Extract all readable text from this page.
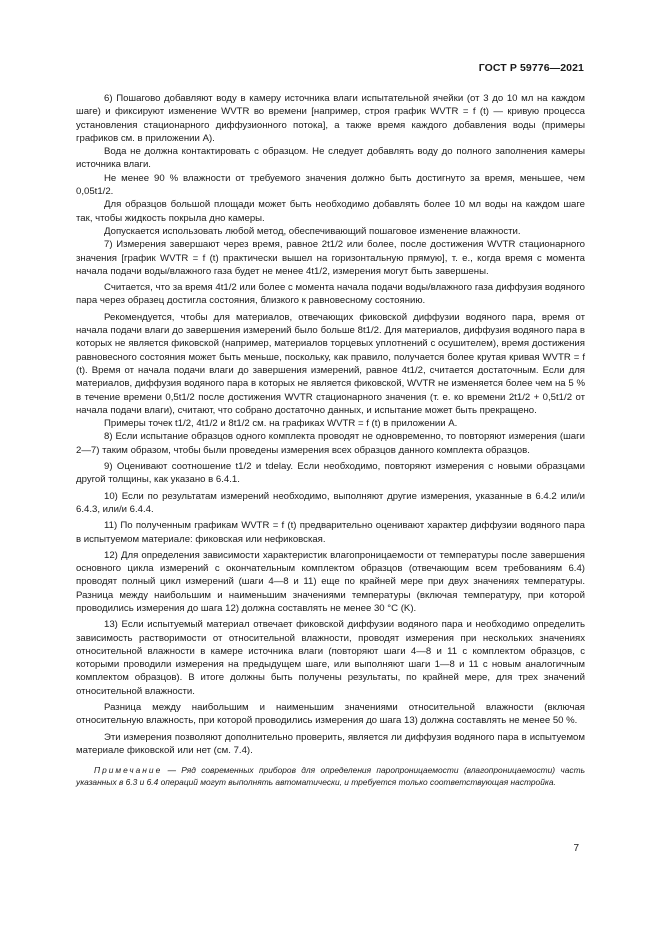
ГОСТ Р 59776—2021

6) Пошагово добавляют воду в камеру источника влаги испытательной ячейки (от 3 до 10 мл на каждом шаге) и фиксируют изменение WVTR во времени [например, строя график WVTR = f (t) — кривую процесса установления стационарного диффузионного потока], а также время каждого добавления воды (примеры графиков см. в приложении А).

Вода не должна контактировать с образцом. Не следует добавлять воду до полного заполнения камеры источника влаги.

Не менее 90 % влажности от требуемого значения должно быть достигнуто за время, меньшее, чем 0,05t1/2.

Для образцов большой площади может быть необходимо добавлять более 10 мл воды на каждом шаге так, чтобы жидкость покрыла дно камеры.

Допускается использовать любой метод, обеспечивающий пошаговое изменение влажности.

7) Измерения завершают через время, равное 2t1/2 или более, после достижения WVTR стационарного значения [график WVTR = f (t) практически вышел на горизонтальную прямую], т. е., когда время с момента начала подачи воды/влажного газа будет не менее 4t1/2, измерения могут быть завершены.

Считается, что за время 4t1/2 или более с момента начала подачи воды/влажного газа диффузия водяного пара через образец достигла состояния, близкого к равновесному состоянию.

Рекомендуется, чтобы для материалов, отвечающих фиковской диффузии водяного пара, время от начала подачи влаги до завершения измерений было больше 8t1/2. Для материалов, диффузия водяного пара в которых не является фиковской (например, материалов торцевых уплотнений с осушителем), время достижения равновесного состояния может быть меньше, поскольку, как правило, получается более крутая кривая WVTR = f (t). Время от начала подачи влаги до завершения измерений, равное 4t1/2, считается достаточным. Если для материалов, диффузия водяного пара в которых не является фиковской, WVTR не изменяется более чем на 5 % в течение времени 0,5t1/2 после достижения WVTR стационарного значения (т. е. ко времени 2t1/2 + 0,5t1/2 от начала подачи влаги), считают, что собрано достаточно данных, и испытание может быть прекращено.

Примеры точек t1/2, 4t1/2 и 8t1/2 см. на графиках WVTR = f (t) в приложении А.

8) Если испытание образцов одного комплекта проводят не одновременно, то повторяют измерения (шаги 2—7) таким образом, чтобы были проведены измерения всех образцов данного комплекта образцов.

9) Оценивают соотношение t1/2 и tdelay. Если необходимо, повторяют измерения с новыми образцами другой толщины, как указано в 6.4.1.

10) Если по результатам измерений необходимо, выполняют другие измерения, указанные в 6.4.2 или/и 6.4.3, или/и 6.4.4.

11) По полученным графикам WVTR = f (t) предварительно оценивают характер диффузии водяного пара в испытуемом материале: фиковская или нефиковская.

12) Для определения зависимости характеристик влагопроницаемости от температуры после завершения основного цикла измерений с окончательным комплектом образцов (отвечающим всем требованиям 6.4) проводят полный цикл измерений (шаги 4—8 и 11) еще по крайней мере при двух значениях температуры. Разница между наибольшим и наименьшим значениями температуры (включая температуру, при которой проводились измерения до шага 12) должна составлять не менее 30 °С (K).

13) Если испытуемый материал отвечает фиковской диффузии водяного пара и необходимо определить зависимость растворимости от относительной влажности, проводят измерения при нескольких значениях относительной влажности в камере источника влаги (повторяют шаги 4—8 и 11 с комплектом образцов, с которыми проводили измерения на предыдущем шаге, или выполняют шаги 1—8 и 11 с новым аналогичным комплектом образцов). В итоге должны быть получены результаты, по крайней мере, для трех значений относительной влажности.

Разница между наибольшим и наименьшим значениями относительной влажности (включая относительную влажность, при которой проводились измерения до шага 13) должна составлять не менее 50 %.

Эти измерения позволяют дополнительно проверить, является ли диффузия водяного пара в испытуемом материале фиковской или нет (см. 7.4).

Примечание — Ряд современных приборов для определения паропроницаемости (влагопроницаемости) часть указанных в 6.3 и 6.4 операций могут выполнять автоматически, и требуется только соответствующая настройка.

7
